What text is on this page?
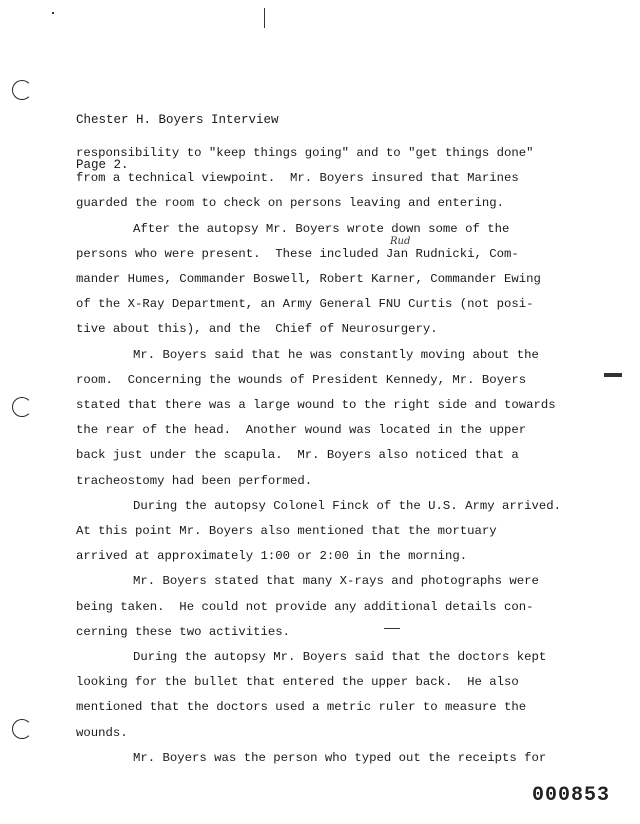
Chester H. Boyers Interview

Page 2.

Rud
responsibility to "keep things going" and to "get things done"
from a technical viewpoint.  Mr. Boyers insured that Marines
guarded the room to check on persons leaving and entering.
After the autopsy Mr. Boyers wrote down some of the
persons who were present.  These included Jan Rudnicki, Com-
mander Humes, Commander Boswell, Robert Karner, Commander Ewing
of the X-Ray Department, an Army General FNU Curtis (not posi-
tive about this), and the  Chief of Neurosurgery.
Mr. Boyers said that he was constantly moving about the
room.  Concerning the wounds of President Kennedy, Mr. Boyers
stated that there was a large wound to the right side and towards
the rear of the head.  Another wound was located in the upper
back just under the scapula.  Mr. Boyers also noticed that a
tracheostomy had been performed.
During the autopsy Colonel Finck of the U.S. Army arrived.
At this point Mr. Boyers also mentioned that the mortuary
arrived at approximately 1:00 or 2:00 in the morning.
Mr. Boyers stated that many X-rays and photographs were
being taken.  He could not provide any additional details con-
cerning these two activities.
During the autopsy Mr. Boyers said that the doctors kept
looking for the bullet that entered the upper back.  He also
mentioned that the doctors used a metric ruler to measure the
wounds.
Mr. Boyers was the person who typed out the receipts for
000853
